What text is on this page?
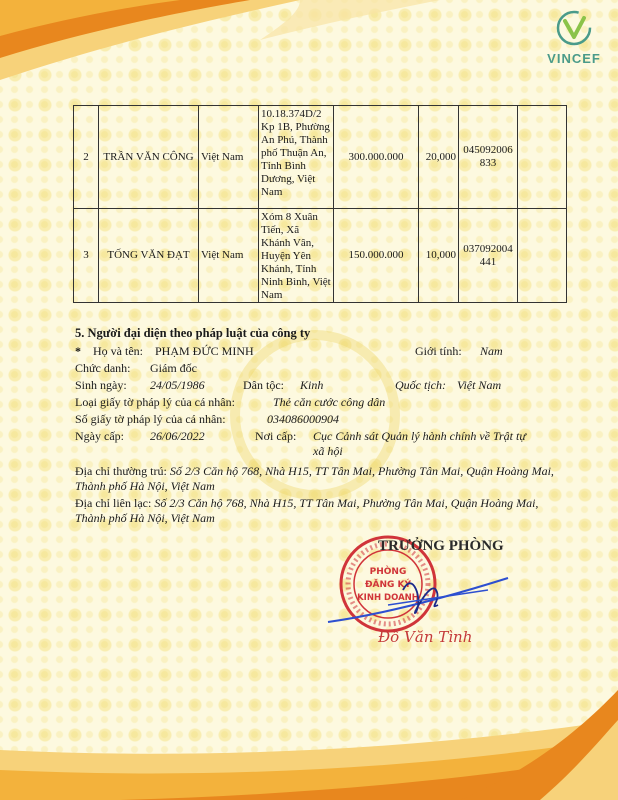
VINCEF
2	TRẦN VĂN CÔNG	Việt Nam	10.18.374D/2 Kp 1B, Phường An Phú, Thành phố Thuận An, Tỉnh Bình Dương, Việt Nam	300.000.000	20,000	045092006833	
3	TỐNG VĂN ĐẠT	Việt Nam	Xóm 8 Xuân Tiến, Xã Khánh Vân, Huyện Yên Khánh, Tỉnh Ninh Bình, Việt Nam	150.000.000	10,000	037092004441	
5. Người đại diện theo pháp luật của công ty
* Họ và tên: PHẠM ĐỨC MINH	Giới tính: Nam
Chức danh: Giám đốc
Sinh ngày: 24/05/1986	Dân tộc: Kinh	Quốc tịch: Việt Nam
Loại giấy tờ pháp lý của cá nhân:	Thẻ căn cước công dân
Số giấy tờ pháp lý của cá nhân:	034086000904
Ngày cấp: 26/06/2022	Nơi cấp: Cục Cảnh sát Quản lý hành chính về Trật tự xã hội
Địa chỉ thường trú: Số 2/3 Căn hộ 768, Nhà H15, TT Tân Mai, Phường Tân Mai, Quận Hoàng Mai, Thành phố Hà Nội, Việt Nam
Địa chỉ liên lạc: Số 2/3 Căn hộ 768, Nhà H15, TT Tân Mai, Phường Tân Mai, Quận Hoàng Mai, Thành phố Hà Nội, Việt Nam
PHÒNG
ĐĂNG KÝ
KINH DOANH
TRƯỞNG PHÒNG
Đỗ Văn Tình
